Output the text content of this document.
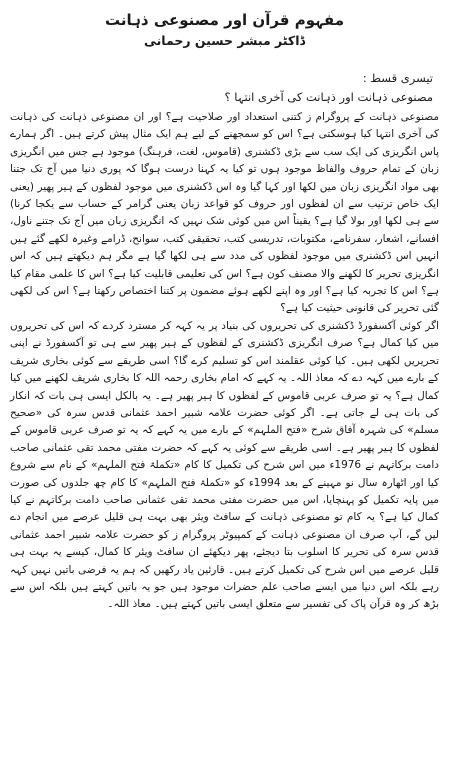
مفہوم قرآن اور مصنوعی ذہانت
ڈاکٹر مبشر حسین رحمانی
تیسری قسط :
مصنوعی ذہانت اور ذہانت کی آخری انتہا ؟

مصنوعی ذہانت کے پروگرام ز کتنی استعداد اور صلاحیت ہے؟ اور ان مصنوعی ذہانت کی ذہانت کی آخری انتہا کیا ہوسکتی ہے؟ اس کو سمجھنے کے لیے ہم ایک مثال پیش کرتے ہیں۔ اگر ہمارے پاس انگریزی کی ایک سب سے بڑی ڈکشنری (قاموس، لغت، فرہنگ) موجود ہے جس میں انگریزی زبان کے تمام حروف والفاظ موجود ہوں تو کیا یہ کہنا درست ہوگا کہ پوری دنیا میں آج تک جتنا بھی مواد انگریزی زبان میں لکھا اور کہا گیا وہ اس ڈکشنری میں موجود لفظوں کے ہیر پھیر (یعنی ایک خاص ترتیب سے ان لفظوں اور حروف کو قواعد زبان یعنی گرامر کے حساب سے یکجا کرنا) سے ہی لکھا اور بولا گیا ہے؟ یقیناً اس میں کوئی شک نہیں کہ انگریزی زبان میں آج تک جتنے ناول، افسانے، اشعار، سفرنامے، مکتوبات، تدریسی کتب، تحقیقی کتب، سوانح، ڈرامے وغیرہ لکھے گئے ہیں انہیں اس ڈکشنری میں موجود لفظوں کی مدد سے ہی لکھا گیا ہے مگر ہم دیکھتے ہیں کہ اس انگریزی تحریر کا لکھنے والا مصنف کون ہے؟ اس کی تعلیمی قابلیت کیا ہے؟ اس کا علمی مقام کیا ہے؟ اس کا تجربہ کیا ہے؟ اور وہ اپنے لکھے ہوئے مضمون پر کتنا اختصاص رکھتا ہے؟ اس کی لکھی گئی تحریر کی قانونی حیثیت کیا ہے؟

اگر کوئی آکسفورڈ ڈکشنری کی تحریروں کی بنیاد پر یہ کہہ کر مسترد کردے کہ اس کی تحریروں میں کیا کمال ہے؟ صرف انگریزی ڈکشنری کے لفظوں کے ہیر پھیر سے ہی تو آکسفورڈ نے اپنی تحریریں لکھی ہیں۔ کیا کوئی عقلمند اس کو تسلیم کرے گا؟ اسی طریقے سے کوئی بخاری شریف کے بارے میں کہہ دے کہ معاذ اللہ۔ یہ کہے کہ امام بخاری رحمہ اللہ کا بخاری شریف لکھنے میں کیا کمال ہے؟ یہ تو صرف عربی قاموس کے لفظوں کا ہیر پھیر ہے۔ یہ بالکل ایسی ہی بات کہ انکار کی بات ہی لے جاتی ہے۔ اگر کوئی حضرت علامہ شبیر احمد عثمانی قدس سرہ کی «صحیح مسلم» کی شہرہ آفاق شرح «فتح الملہم» کے بارے میں یہ کہے کہ یہ تو صرف عربی قاموس کے لفظوں کا ہیر پھیر ہے۔ اسی طریقے سے کوئی یہ کہے کہ حضرت مفتی محمد تقی عثمانی صاحب دامت برکاتہم نے 1976ء میں اس شرح کی تکمیل کا کام «تکملۃ فتح الملہم» کے نام سے شروع کیا اور اٹھارہ سال نو مہینے کے بعد 1994ء کو «تکملۃ فتح الملہم» کا کام چھ جلدوں کی صورت میں پایہ تکمیل کو پہنچایا، اس میں حضرت مفتی محمد تقی عثمانی صاحب دامت برکاتہم نے کیا کمال کیا ہے؟ یہ کام تو مصنوعی ذہانت کے سافٹ ویئر بھی بہت ہی قلیل عرصے میں انجام دے لیں گے، آپ صرف ان مصنوعی ذہانت کے کمپیوٹر پروگرام ز کو حضرت علامہ شبیر احمد عثمانی قدس سرہ کی تحریر کا اسلوب بتا دیجئے، پھر دیکھئے ان سافٹ ویئر کا کمال، کیسے یہ بہت ہی قلیل عرصے میں اس شرح کی تکمیل کرتے ہیں۔ قارئین یاد رکھیں کہ ہم یہ فرضی باتیں نہیں کہہ رہے بلکہ اس دنیا میں ایسے صاحب علم حضرات موجود ہیں جو یہ باتیں کہتے ہیں بلکہ اس سے بڑھ کر وہ قرآن پاک کی تفسیر سے متعلق ایسی باتیں کہتے ہیں۔ معاذ اللہ۔
